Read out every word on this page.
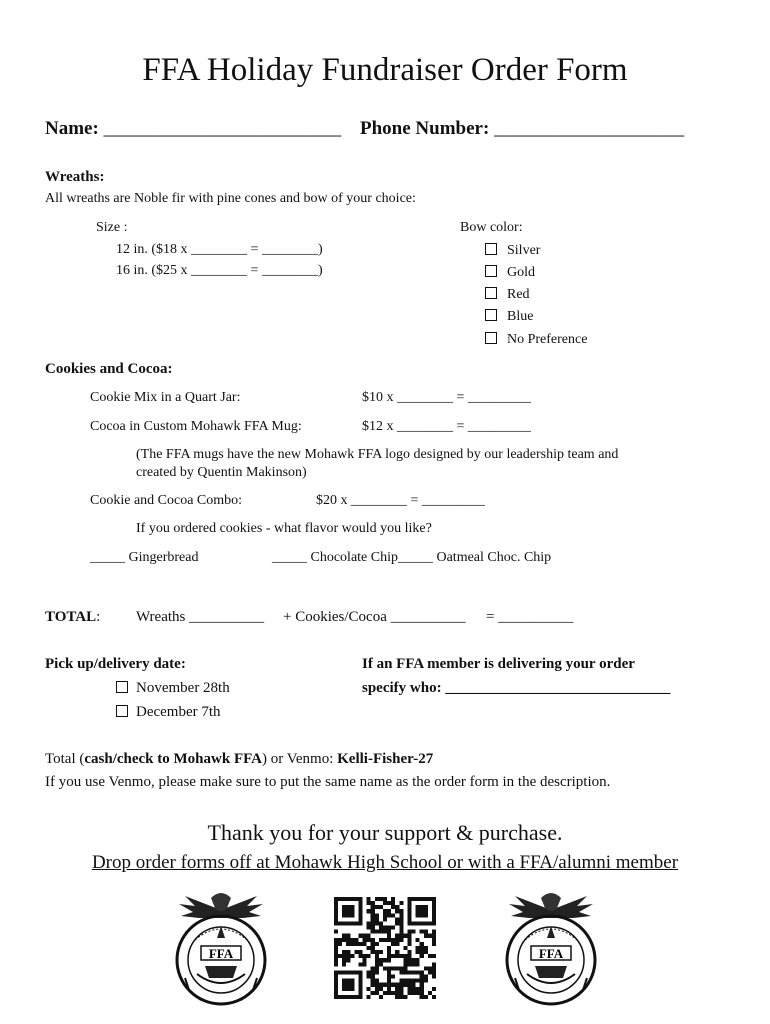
FFA Holiday Fundraiser Order Form
Name: _________________________ Phone Number: ____________________
Wreaths:
All wreaths are Noble fir with pine cones and bow of your choice:
Size :
12 in. ($18 x ________ = ________)
16 in. ($25 x ________ = ________)
Bow color:
Silver
Gold
Red
Blue
No Preference
Cookies and Cocoa:
Cookie Mix in a Quart Jar:	$10 x ________ = _________
Cocoa in Custom Mohawk FFA Mug:	$12 x ________ = _________
(The FFA mugs have the new Mohawk FFA logo designed by our leadership team and
created by Quentin Makinson)
Cookie and Cocoa Combo:	$20 x ________ = _________
If you ordered cookies - what flavor would you like?
_____ Gingerbread	_____ Chocolate Chip_____ Oatmeal Choc. Chip
TOTAL: Wreaths __________ + Cookies/Cocoa __________ = __________
Pick up/delivery date:
November 28th
December 7th
If an FFA member is delivering your order
specify who: ______________________________
Total (cash/check to Mohawk FFA) or Venmo: Kelli-Fisher-27
If you use Venmo, please make sure to put the same name as the order form in the description.
Thank you for your support & purchase.
Drop order forms off at Mohawk High School or with a FFA/alumni member
FFA	FFA
